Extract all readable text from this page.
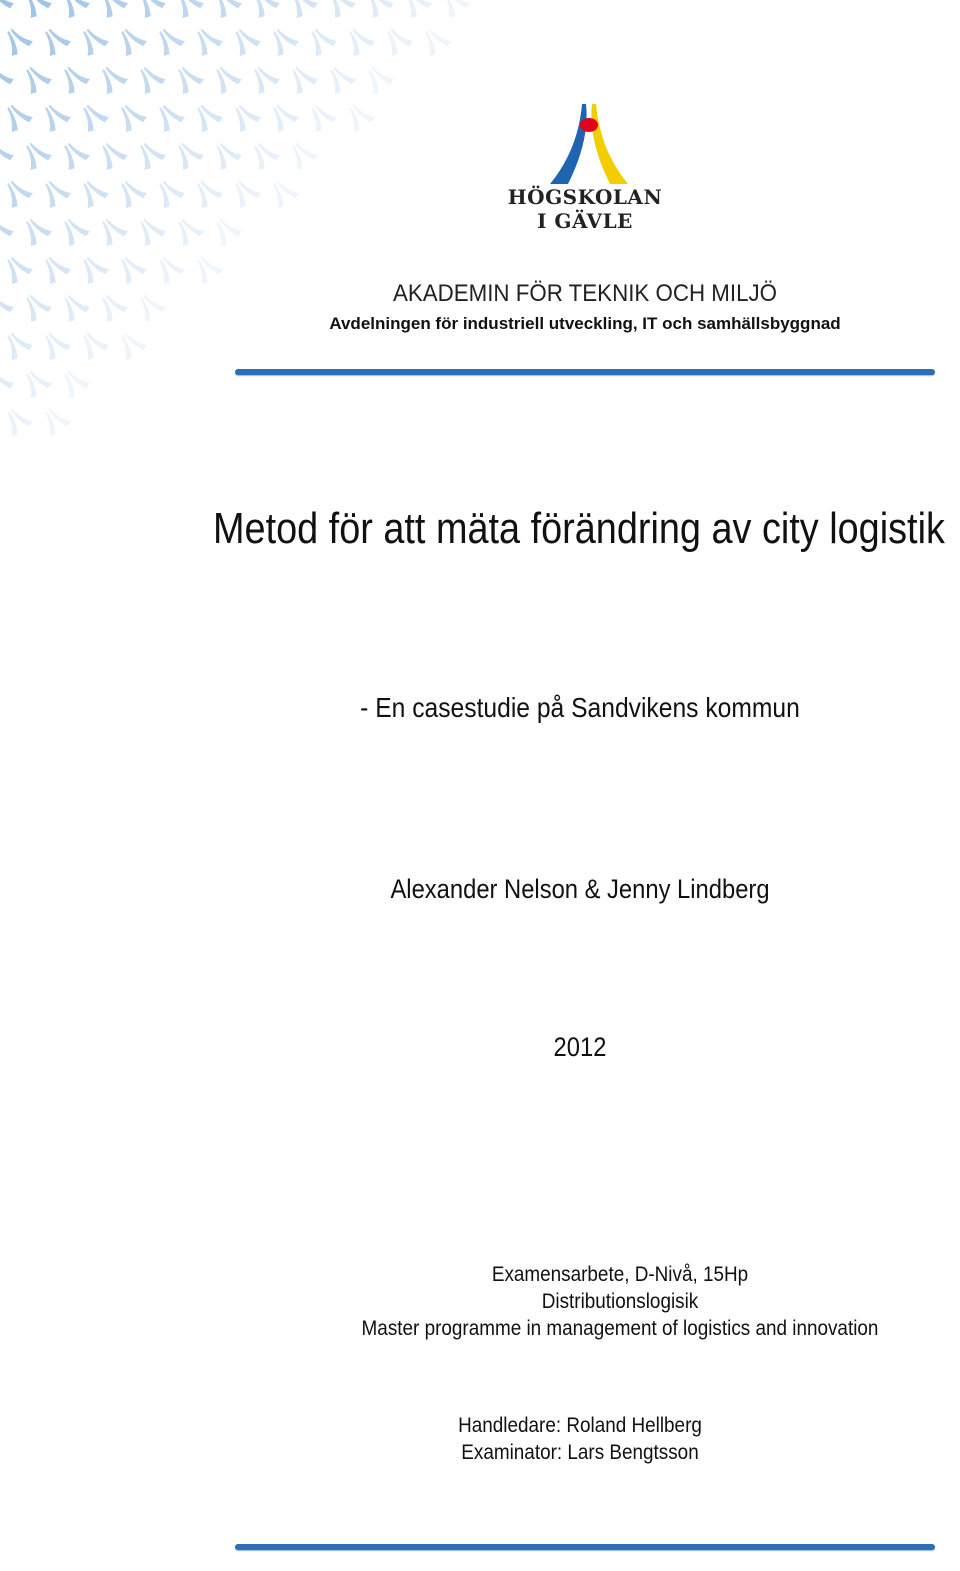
HÖGSKOLAN
I GÄVLE
AKADEMIN FÖR TEKNIK OCH MILJÖ
Avdelningen för industriell utveckling, IT och samhällsbyggnad
Metod för att mäta förändring av city logistik
- En casestudie på Sandvikens kommun
Alexander Nelson & Jenny Lindberg
2012
Examensarbete, D-Nivå, 15Hp
Distributionslogisik
Master programme in management of logistics and innovation
Handledare: Roland Hellberg
Examinator: Lars Bengtsson
